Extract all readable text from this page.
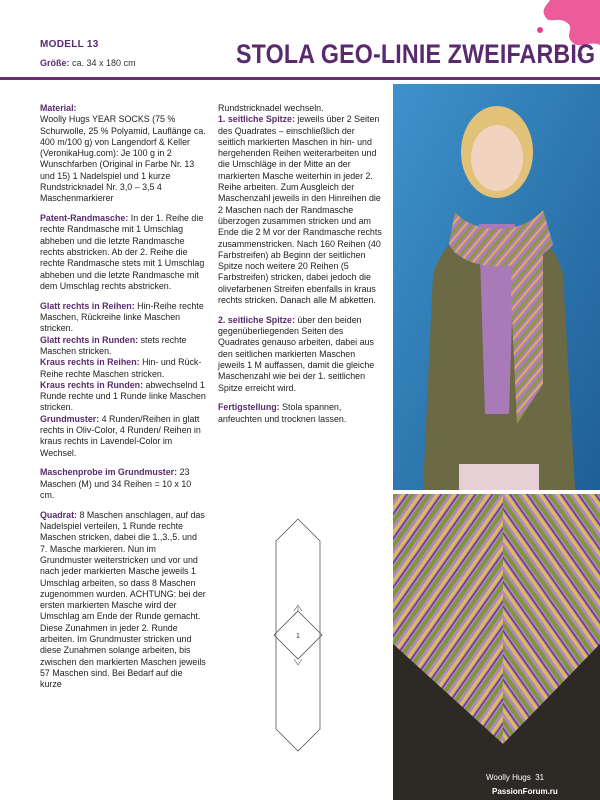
MODELL 13
Größe: ca. 34 x 180 cm	STOLA GEO-LINIE ZWEIFARBIG

Material:
Woolly Hugs YEAR SOCKS (75 % Schurwolle, 25 % Polyamid, Lauflänge ca. 400 m/100 g) von Langendorf & Keller (VeronikaHug.com): Je 100 g in 2 Wunschfarben (Original in Farbe Nr. 13 und 15) 1 Nadelspiel und 1 kurze Rundstricknadel Nr. 3,0 – 3,5 4 Maschenmarkierer

Patent-Randmasche: In der 1. Reihe die rechte Randmasche mit 1 Umschlag abheben und die letzte Randmasche rechts abstricken. Ab der 2. Reihe die rechte Randmasche stets mit 1 Umschlag abheben und die letzte Randmasche mit dem Umschlag rechts abstricken.

Glatt rechts in Reihen: Hin-Reihe rechte Maschen, Rückreihe linke Maschen stricken.

Glatt rechts in Runden: stets rechte Maschen stricken.

Kraus rechts in Reihen: Hin- und Rück-Reihe rechte Maschen stricken.

Kraus rechts in Runden: abwechselnd 1 Runde rechte und 1 Runde linke Maschen stricken.

Grundmuster: 4 Runden/Reihen in glatt rechts in Oliv-Color, 4 Runden/ Reihen in kraus rechts in Lavendel-Color im Wechsel.

Maschenprobe im Grundmuster: 23 Maschen (M) und 34 Reihen = 10 x 10 cm.

Quadrat: 8 Maschen anschlagen, auf das Nadelspiel verteilen, 1 Runde rechte Maschen stricken, dabei die 1.,3.,5. und 7. Masche markieren. Nun im Grundmuster weiterstricken und vor und nach jeder markierten Masche jeweils 1 Umschlag arbeiten, so dass 8 Maschen zugenommen wurden. ACHTUNG: bei der ersten markierten Masche wird der Umschlag am Ende der Runde gemacht. Diese Zunahmen in jeder 2. Runde arbeiten. Im Grundmuster stricken und diese Zunahmen solange arbeiten, bis zwischen den markierten Maschen jeweils 57 Maschen sind. Bei Bedarf auf die kurze

Rundstricknadel wechseln.

1. seitliche Spitze: jeweils über 2 Seiten des Quadrates – einschließlich der seitlich markierten Maschen in hin- und hergehenden Reihen weiterarbeiten und die Umschläge in der Mitte an der markierten Masche weiterhin in jeder 2. Reihe arbeiten. Zum Ausgleich der Maschenzahl jeweils in den Hinreihen die 2 Maschen nach der Randmasche überzogen zusammen stricken und am Ende die 2 M vor der Randmasche rechts zusammenstricken. Nach 160 Reihen (40 Farbstreifen) ab Beginn der seitlichen Spitze noch weitere 20 Reihen (5 Farbstreifen) stricken, dabei jedoch die olivefarbenen Streifen ebenfalls in kraus rechts stricken. Danach alle M abketten.

2. seitliche Spitze: über den beiden gegenüberliegenden Seiten des Quadrates genauso arbeiten, dabei aus den seitlichen markierten Maschen jeweils 1 M auffassen, damit die gleiche Maschenzahl wie bei der 1. seitlichen Spitze erreicht wird.

Fertigstellung: Stola spannen, anfeuchten und trocknen lassen.

1
Woolly Hugs 31
PassionForum.ru
